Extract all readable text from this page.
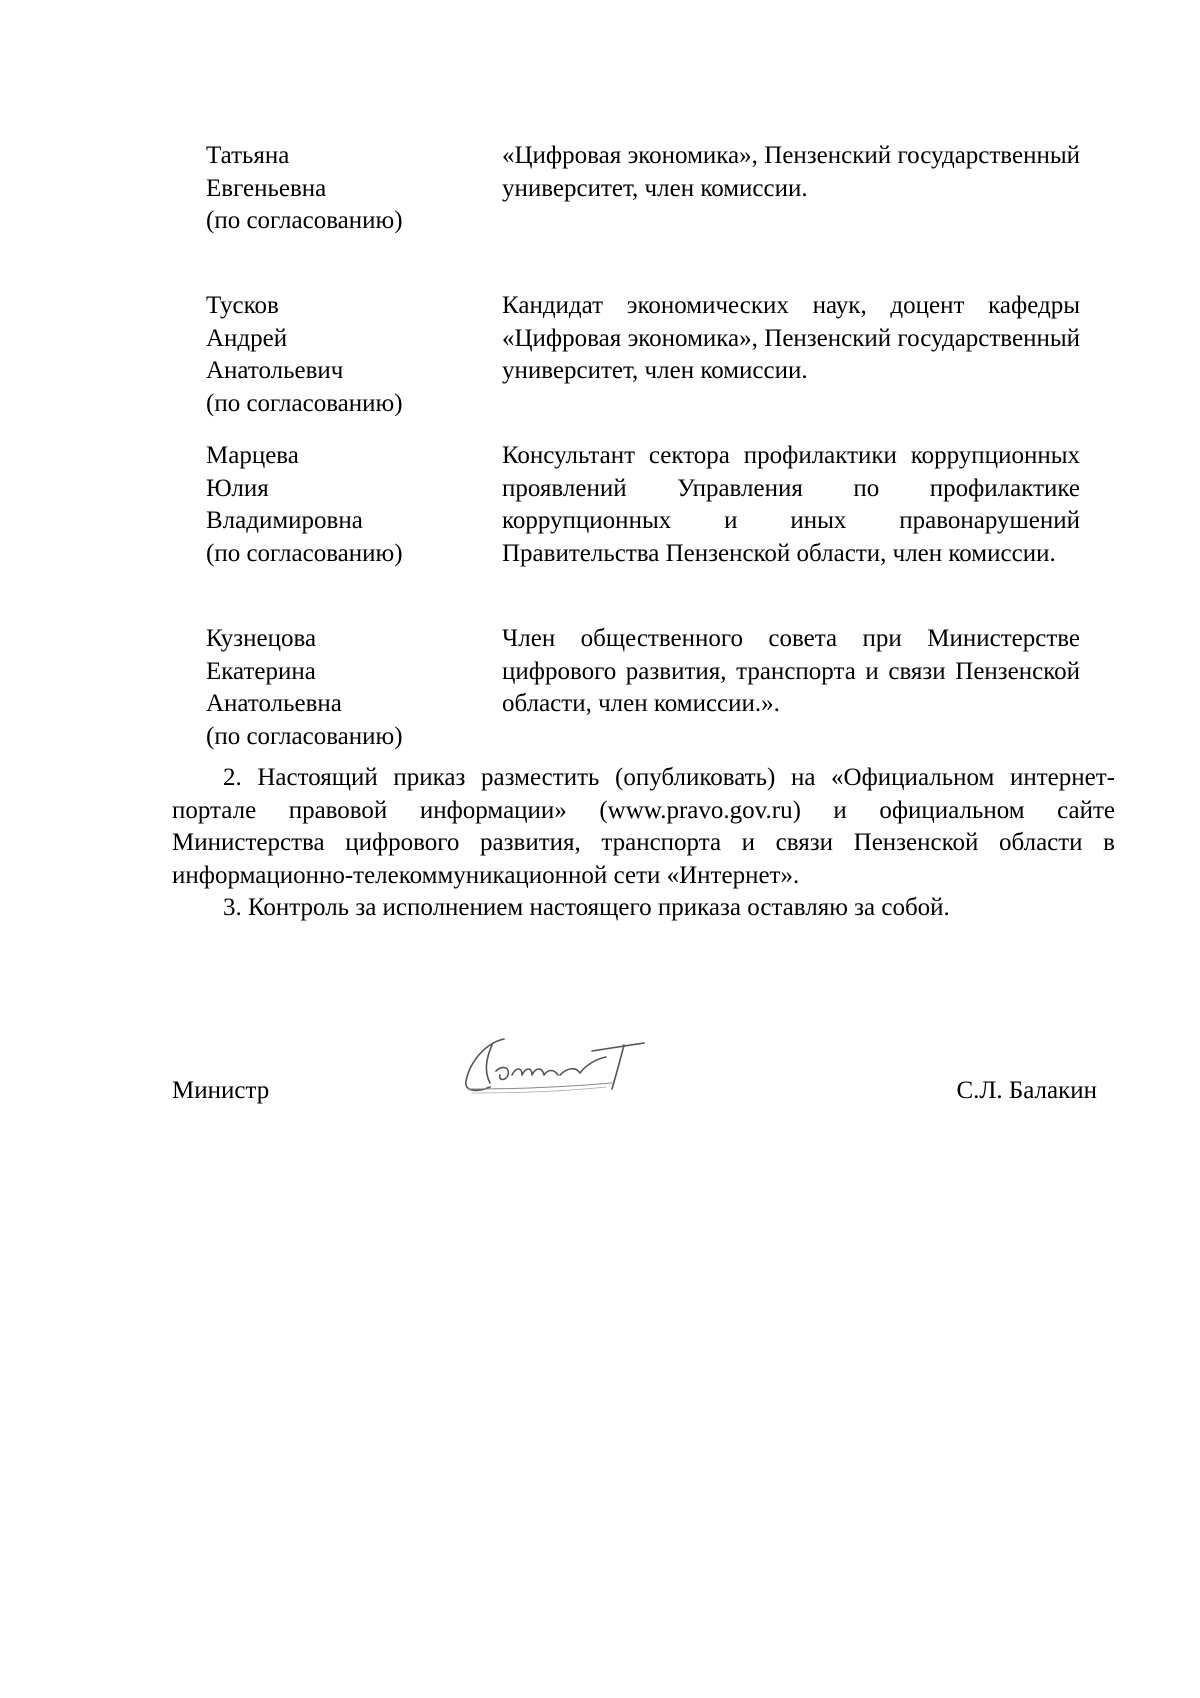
Татьяна
Евгеньевна
(по согласованию)
«Цифровая экономика», Пензенский государственный университет, член комиссии.
Тусков
Андрей
Анатольевич
(по согласованию)
Кандидат экономических наук, доцент кафедры «Цифровая экономика», Пензенский государственный университет, член комиссии.
Марцева
Юлия
Владимировна
(по согласованию)
Консультант сектора профилактики коррупционных проявлений Управления по профилактике коррупционных и иных правонарушений Правительства Пензенской области, член комиссии.
Кузнецова
Екатерина
Анатольевна
(по согласованию)
Член общественного совета при Министерстве цифрового развития, транспорта и связи Пензенской области, член комиссии.».

2. Настоящий приказ разместить (опубликовать) на «Официальном интернет-портале правовой информации» (www.pravo.gov.ru) и официальном сайте Министерства цифрового развития, транспорта и связи Пензенской области в информационно-телекоммуникационной сети «Интернет».

3. Контроль за исполнением настоящего приказа оставляю за собой.

Министр	С.Л. Балакин
